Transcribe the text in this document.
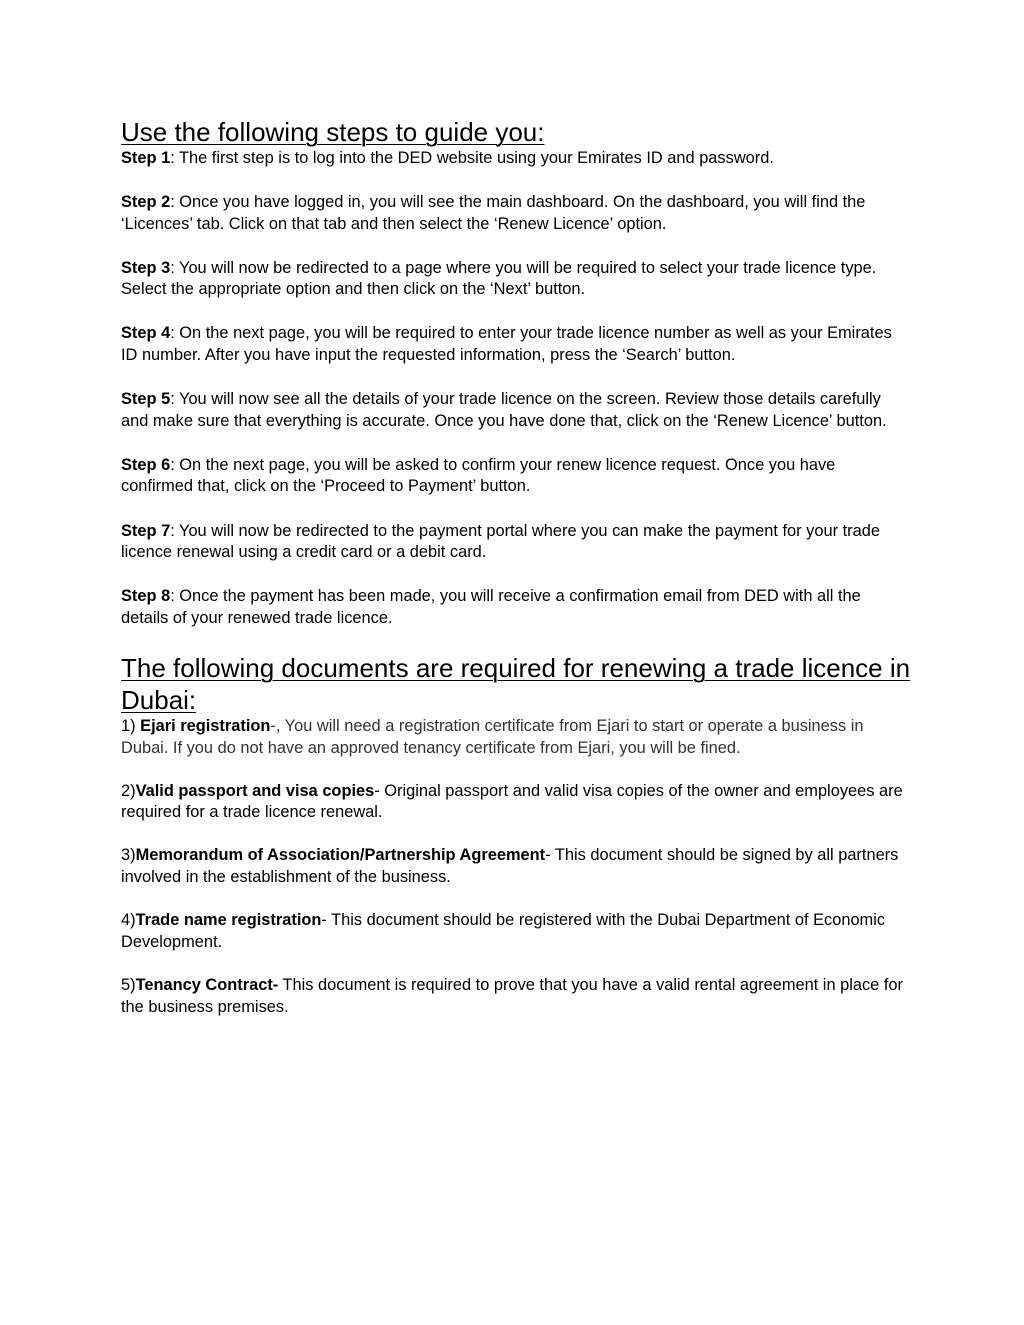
Use the following steps to guide you:

Step 1: The first step is to log into the DED website using your Emirates ID and password.

Step 2: Once you have logged in, you will see the main dashboard. On the dashboard, you will find the ‘Licences’ tab. Click on that tab and then select the ‘Renew Licence’ option.

Step 3: You will now be redirected to a page where you will be required to select your trade licence type. Select the appropriate option and then click on the ‘Next’ button.

Step 4: On the next page, you will be required to enter your trade licence number as well as your Emirates ID number. After you have input the requested information, press the ‘Search’ button.

Step 5: You will now see all the details of your trade licence on the screen. Review those details carefully and make sure that everything is accurate. Once you have done that, click on the ‘Renew Licence’ button.

Step 6: On the next page, you will be asked to confirm your renew licence request. Once you have confirmed that, click on the ‘Proceed to Payment’ button.

Step 7: You will now be redirected to the payment portal where you can make the payment for your trade licence renewal using a credit card or a debit card.

Step 8: Once the payment has been made, you will receive a confirmation email from DED with all the details of your renewed trade licence.

The following documents are required for renewing a trade licence in Dubai:

1) Ejari registration-, You will need a registration certificate from Ejari to start or operate a business in Dubai. If you do not have an approved tenancy certificate from Ejari, you will be fined.

2)Valid passport and visa copies- Original passport and valid visa copies of the owner and employees are required for a trade licence renewal.

3)Memorandum of Association/Partnership Agreement- This document should be signed by all partners involved in the establishment of the business.

4)Trade name registration- This document should be registered with the Dubai Department of Economic Development.

5)Tenancy Contract- This document is required to prove that you have a valid rental agreement in place for the business premises.
